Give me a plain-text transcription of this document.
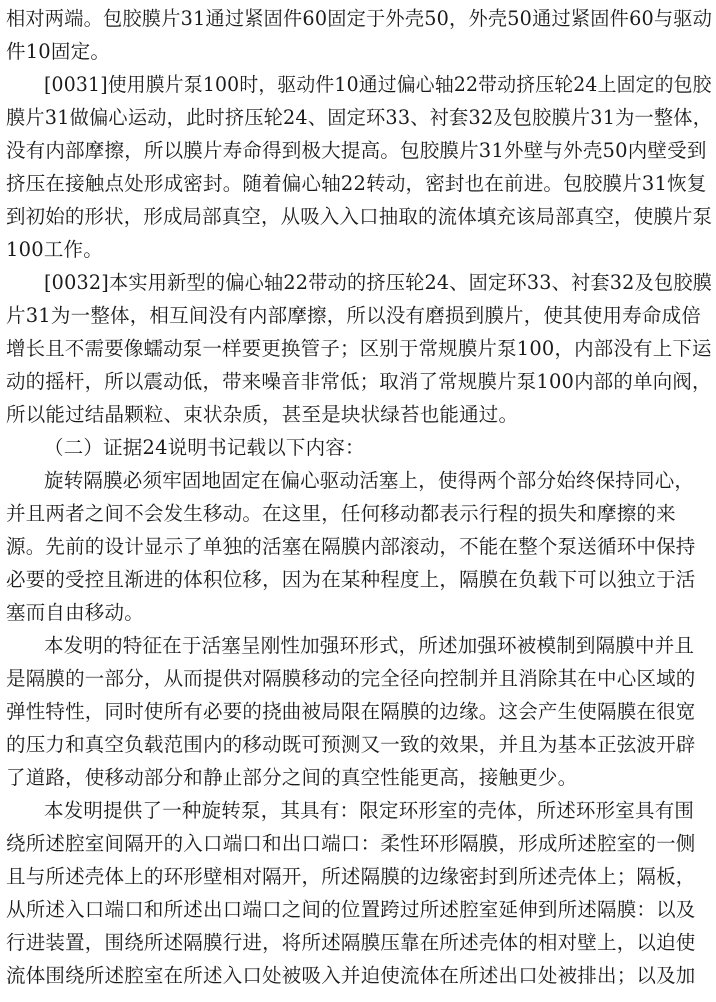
相对两端。包胶膜片31通过紧固件60固定于外壳50，外壳50通过紧固件60与驱动
件10固定。
[0031]使用膜片泵100时，驱动件10通过偏心轴22带动挤压轮24上固定的包胶
膜片31做偏心运动，此时挤压轮24、固定环33、衬套32及包胶膜片31为一整体，
没有内部摩擦，所以膜片寿命得到极大提高。包胶膜片31外壁与外壳50内壁受到
挤压在接触点处形成密封。随着偏心轴22转动，密封也在前进。包胶膜片31恢复
到初始的形状，形成局部真空，从吸入入口抽取的流体填充该局部真空，使膜片泵
100工作。
[0032]本实用新型的偏心轴22带动的挤压轮24、固定环33、衬套32及包胶膜
片31为一整体，相互间没有内部摩擦，所以没有磨损到膜片，使其使用寿命成倍
增长且不需要像蠕动泵一样要更换管子；区别于常规膜片泵100，内部没有上下运
动的摇杆，所以震动低，带来噪音非常低；取消了常规膜片泵100内部的单向阀，
所以能过结晶颗粒、束状杂质，甚至是块状绿苔也能通过。
（二）证据24说明书记载以下内容：
旋转隔膜必须牢固地固定在偏心驱动活塞上，使得两个部分始终保持同心，
并且两者之间不会发生移动。在这里，任何移动都表示行程的损失和摩擦的来
源。先前的设计显示了单独的活塞在隔膜内部滚动，不能在整个泵送循环中保持
必要的受控且渐进的体积位移，因为在某种程度上，隔膜在负载下可以独立于活
塞而自由移动。
本发明的特征在于活塞呈刚性加强环形式，所述加强环被模制到隔膜中并且
是隔膜的一部分，从而提供对隔膜移动的完全径向控制并且消除其在中心区域的
弹性特性，同时使所有必要的挠曲被局限在隔膜的边缘。这会产生使隔膜在很宽
的压力和真空负载范围内的移动既可预测又一致的效果，并且为基本正弦波开辟
了道路，使移动部分和静止部分之间的真空性能更高，接触更少。
本发明提供了一种旋转泵，其具有：限定环形室的壳体，所述环形室具有围
绕所述腔室间隔开的入口端口和出口端口：柔性环形隔膜，形成所述腔室的一侧
且与所述壳体上的环形壁相对隔开，所述隔膜的边缘密封到所述壳体上；隔板，
从所述入口端口和所述出口端口之间的位置跨过所述腔室延伸到所述隔膜：以及
行进装置，围绕所述隔膜行进，将所述隔膜压靠在所述壳体的相对壁上，以迫使
流体围绕所述腔室在所述入口处被吸入并迫使流体在所述出口处被排出；以及加
